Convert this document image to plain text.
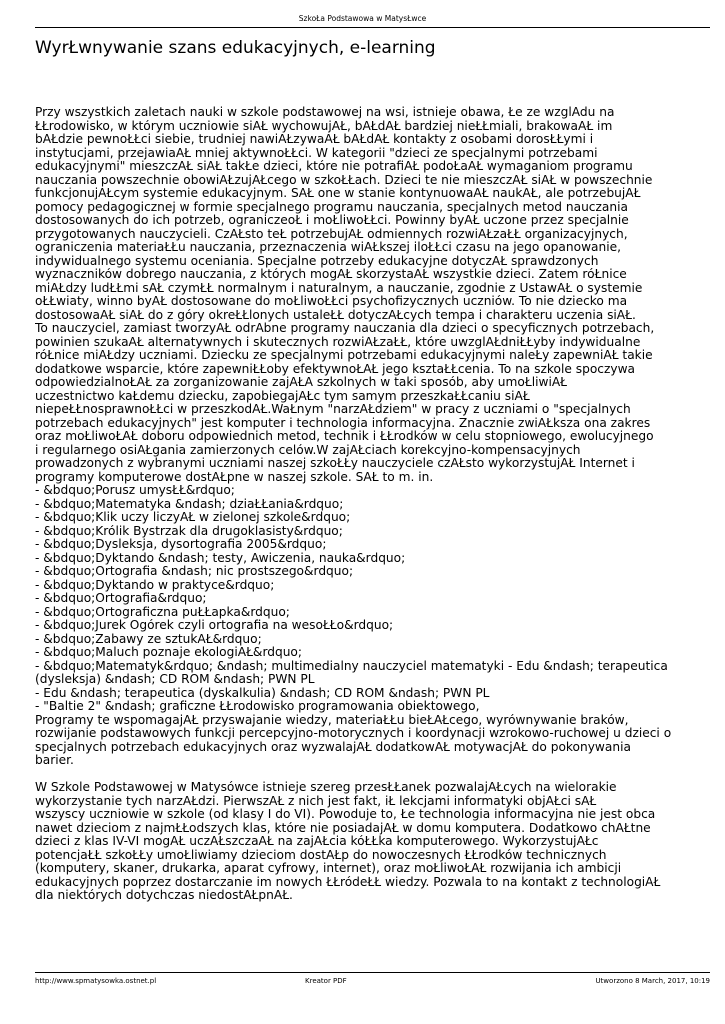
SzkoŁa Podstawowa w MatysŁwce
WyrŁwnywanie szans edukacyjnych, e-learning

Przy wszystkich zaletach nauki w szkole podstawowej na wsi, istnieje obawa, Łe ze wzglĂdu na
ŁŁrodowisko, w którym uczniowie siĂŁ wychowujĂŁ, bĂŁdĂŁ bardziej nieŁŁmiali, brakowaĂŁ im
bĂŁdzie pewnoŁŁci siebie, trudniej nawiĂŁzywaĂŁ bĂŁdĂŁ kontakty z osobami dorosŁŁymi i
instytucjami, przejawiaĂŁ mniej aktywnoŁŁci. W kategorii "dzieci ze specjalnymi potrzebami
edukacyjnymi" mieszczĂŁ siĂŁ takŁe dzieci, które nie potrafiĂŁ podoŁaĂŁ wymaganiom programu
nauczania powszechnie obowiĂŁzujĂŁcego w szkoŁŁach. Dzieci te nie mieszczĂŁ siĂŁ w powszechnie
funkcjonujĂŁcym systemie edukacyjnym. SĂŁ one w stanie kontynuowaĂŁ naukĂŁ, ale potrzebujĂŁ
pomocy pedagogicznej w formie specjalnego programu nauczania, specjalnych metod nauczania
dostosowanych do ich potrzeb, ograniczeoŁ i moŁliwoŁŁci. Powinny byĂŁ uczone przez specjalnie
przygotowanych nauczycieli. CzĂŁsto teŁ potrzebujĂŁ odmiennych rozwiĂŁzaŁŁ organizacyjnych,
ograniczenia materiaŁŁu nauczania, przeznaczenia wiĂŁkszej iloŁŁci czasu na jego opanowanie,
indywidualnego systemu oceniania. Specjalne potrzeby edukacyjne dotyczĂŁ sprawdzonych
wyznaczników dobrego nauczania, z których mogĂŁ skorzystaĂŁ wszystkie dzieci. Zatem róŁnice
miĂŁdzy ludŁŁmi sĂŁ czymŁŁ normalnym i naturalnym, a nauczanie, zgodnie z UstawĂŁ o systemie
oŁŁwiaty, winno byĂŁ dostosowane do moŁliwoŁŁci psychofizycznych uczniów. To nie dziecko ma
dostosowaĂŁ siĂŁ do z góry okreŁŁlonych ustaleŁŁ dotyczĂŁcych tempa i charakteru uczenia siĂŁ.
To nauczyciel, zamiast tworzyĂŁ odrĂbne programy nauczania dla dzieci o specyficznych potrzebach,
powinien szukaĂŁ alternatywnych i skutecznych rozwiĂŁzaŁŁ, które uwzglĂŁdniŁŁyby indywidualne
róŁnice miĂŁdzy uczniami. Dziecku ze specjalnymi potrzebami edukacyjnymi naleŁy zapewniĂŁ takie
dodatkowe wsparcie, które zapewniŁŁoby efektywnoŁĂŁ jego ksztaŁŁcenia. To na szkole spoczywa
odpowiedzialnoŁĂŁ za zorganizowanie zajĂŁĂ szkolnych w taki sposób, aby umoŁliwiĂŁ
uczestnictwo kaŁdemu dziecku, zapobiegajĂŁc tym samym przeszkaŁŁcaniu siĂŁ
niepeŁŁnosprawnoŁŁci w przeszkodĂŁ.WaŁnym "narzĂŁdziem" w pracy z uczniami o "specjalnych
potrzebach edukacyjnych" jest komputer i technologia informacyjna. Znacznie zwiĂŁksza ona zakres
oraz moŁliwoŁĂŁ doboru odpowiednich metod, technik i ŁŁrodków w celu stopniowego, ewolucyjnego
i regularnego osiĂŁgania zamierzonych celów.W zajĂŁciach korekcyjno-kompensacyjnych
prowadzonych z wybranymi uczniami naszej szkoŁŁy nauczyciele czĂŁsto wykorzystujĂŁ Internet i
programy komputerowe dostĂŁpne w naszej szkole. SĂŁ to m. in.

- &bdquo;Porusz umysŁŁ&rdquo;
- &bdquo;Matematyka &ndash; dziaŁŁania&rdquo;
- &bdquo;Klik uczy liczyĂŁ w zielonej szkole&rdquo;
- &bdquo;Królik Bystrzak dla drugoklasisty&rdquo;
- &bdquo;Dysleksja, dysortografia 2005&rdquo;
- &bdquo;Dyktando &ndash; testy, Ăwiczenia, nauka&rdquo;
- &bdquo;Ortografia &ndash; nic prostszego&rdquo;
- &bdquo;Dyktando w praktyce&rdquo;
- &bdquo;Ortografia&rdquo;
- &bdquo;Ortograficzna puŁŁapka&rdquo;
- &bdquo;Jurek Ogórek czyli ortografia na wesoŁŁo&rdquo;
- &bdquo;Zabawy ze sztukĂŁ&rdquo;
- &bdquo;Maluch poznaje ekologiĂŁ&rdquo;
- &bdquo;Matematyk&rdquo; &ndash; multimedialny nauczyciel matematyki - Edu &ndash; terapeutica
(dysleksja) &ndash; CD ROM &ndash; PWN PL
- Edu &ndash; terapeutica (dyskalkulia) &ndash; CD ROM &ndash; PWN PL
- "Baltie 2" &ndash; graficzne ŁŁrodowisko programowania obiektowego,
Programy te wspomagajĂŁ przyswajanie wiedzy, materiaŁŁu bieŁĂŁcego, wyrównywanie braków,
rozwijanie podstawowych funkcji percepcyjno-motorycznych i koordynacji wzrokowo-ruchowej u dzieci o
specjalnych potrzebach edukacyjnych oraz wyzwalajĂŁ dodatkowĂŁ motywacjĂŁ do pokonywania
barier.

W Szkole Podstawowej w Matysówce istnieje szereg przesŁŁanek pozwalajĂŁcych na wielorakie
wykorzystanie tych narzĂŁdzi. PierwszĂŁ z nich jest fakt, iŁ lekcjami informatyki objĂŁci sĂŁ
wszyscy uczniowie w szkole (od klasy I do VI). Powoduje to, Łe technologia informacyjna nie jest obca
nawet dzieciom z najmŁŁodszych klas, które nie posiadajĂŁ w domu komputera. Dodatkowo chĂŁtne
dzieci z klas IV-VI mogĂŁ uczĂŁszczaĂŁ na zajĂŁcia kóŁŁka komputerowego. WykorzystujĂŁc
potencjaŁŁ szkoŁŁy umoŁliwiamy dzieciom dostĂŁp do nowoczesnych ŁŁrodków technicznych
(komputery, skaner, drukarka, aparat cyfrowy, internet), oraz moŁliwoŁĂŁ rozwijania ich ambicji
edukacyjnych poprzez dostarczanie im nowych ŁŁródeŁŁ wiedzy. Pozwala to na kontakt z technologiĂŁ
dla niektórych dotychczas niedostĂŁpnĂŁ.

http://www.spmatysowka.ostnet.pl	Kreator PDF	Utworzono 8 March, 2017, 10:19
